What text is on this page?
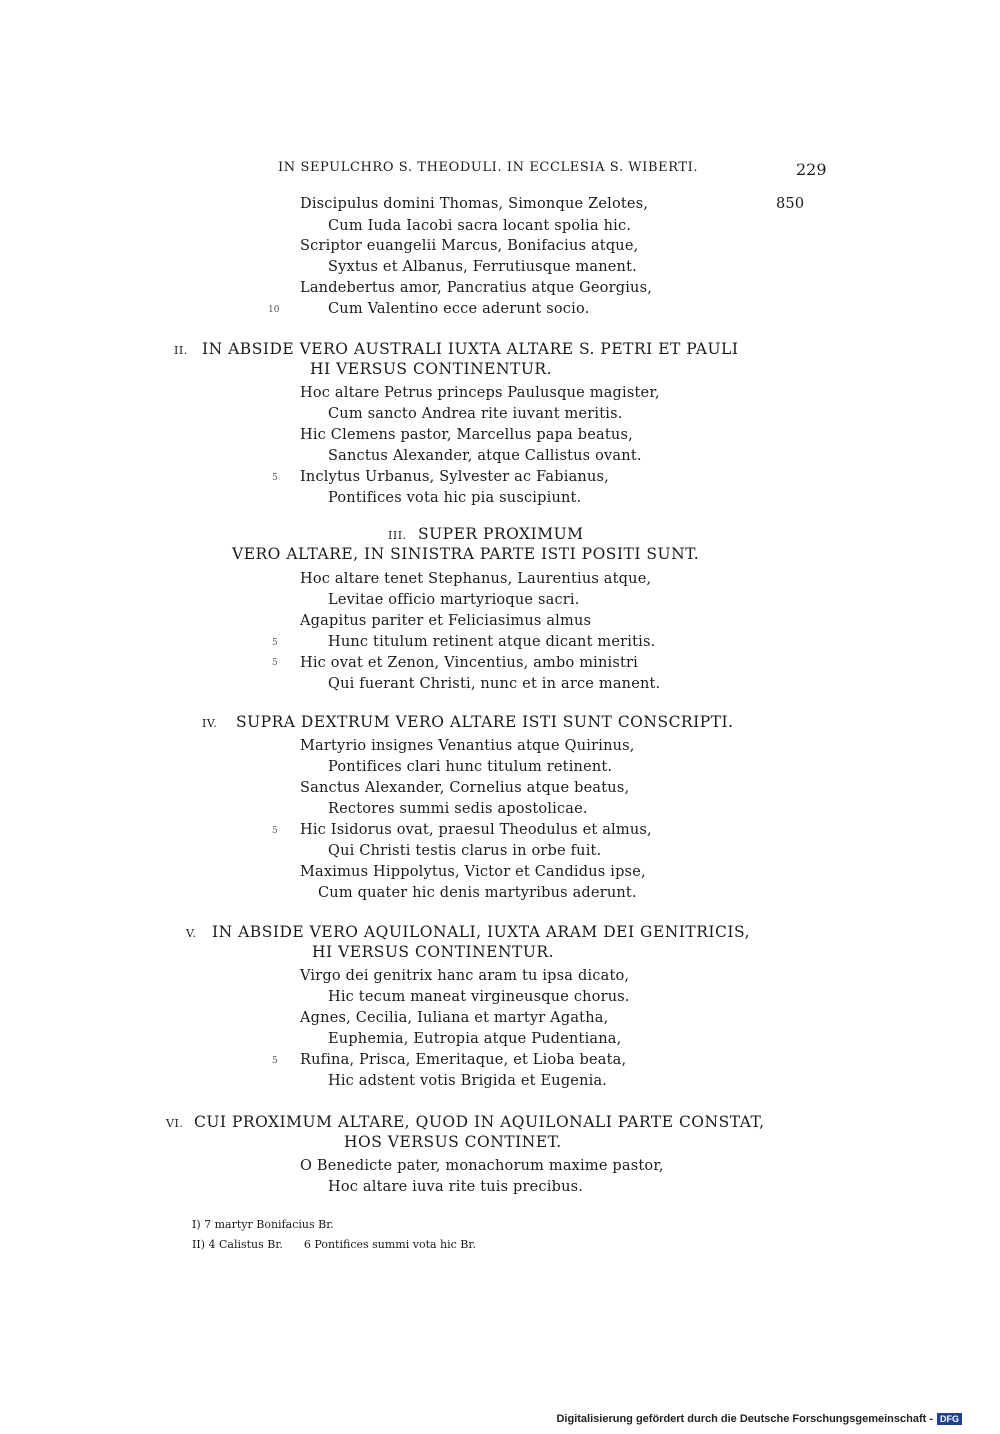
IN SEPULCHRO S. THEODULI. IN ECCLESIA S. WIBERTI.	229
Discipulus domini Thomas, Simonque Zelotes,	850
Cum Iuda Iacobi sacra locant spolia hic.
Scriptor euangelii Marcus, Bonifacius atque,
Syxtus et Albanus, Ferrutiusque manent.
Landebertus amor, Pancratius atque Georgius,
10	Cum Valentino ecce aderunt socio.
II. IN ABSIDE VERO AUSTRALI IUXTA ALTARE S. PETRI ET PAULI
HI VERSUS CONTINENTUR.
Hoc altare Petrus princeps Paulusque magister,
Cum sancto Andrea rite iuvant meritis.
Hic Clemens pastor, Marcellus papa beatus,
Sanctus Alexander, atque Callistus ovant.
5 Inclytus Urbanus, Sylvester ac Fabianus,
Pontifices vota hic pia suscipiunt.
III. SUPER PROXIMUM
VERO ALTARE, IN SINISTRA PARTE ISTI POSITI SUNT.
Hoc altare tenet Stephanus, Laurentius atque,
Levitae officio martyrioque sacri.
Agapitus pariter et Feliciasimus almus
5	Hunc titulum retinent atque dicant meritis.
5 Hic ovat et Zenon, Vincentius, ambo ministri
Qui fuerant Christi, nunc et in arce manent.
IV. SUPRA DEXTRUM VERO ALTARE ISTI SUNT CONSCRIPTI.
Martyrio insignes Venantius atque Quirinus,
Pontifices clari hunc titulum retinent.
Sanctus Alexander, Cornelius atque beatus,
Rectores summi sedis apostolicae.
5 Hic Isidorus ovat, praesul Theodulus et almus,
Qui Christi testis clarus in orbe fuit.
Maximus Hippolytus, Victor et Candidus ipse,
Cum quater hic denis martyribus aderunt.
V. IN ABSIDE VERO AQUILONALI, IUXTA ARAM DEI GENITRICIS,
HI VERSUS CONTINENTUR.
Virgo dei genitrix hanc aram tu ipsa dicato,
Hic tecum maneat virgineusque chorus.
Agnes, Cecilia, Iuliana et martyr Agatha,
Euphemia, Eutropia atque Pudentiana,
5 Rufina, Prisca, Emeritaque, et Lioba beata,
Hic adstent votis Brigida et Eugenia.
VI. CUI PROXIMUM ALTARE, QUOD IN AQUILONALI PARTE CONSTAT,
HOS VERSUS CONTINET.
O Benedicte pater, monachorum maxime pastor,
Hoc altare iuva rite tuis precibus.
I) 7 martyr Bonifacius Br.
II) 4 Calistus Br.      6 Pontifices summi vota hic Br.
Digitalisierung gefördert durch die Deutsche Forschungsgemeinschaft - DFG
